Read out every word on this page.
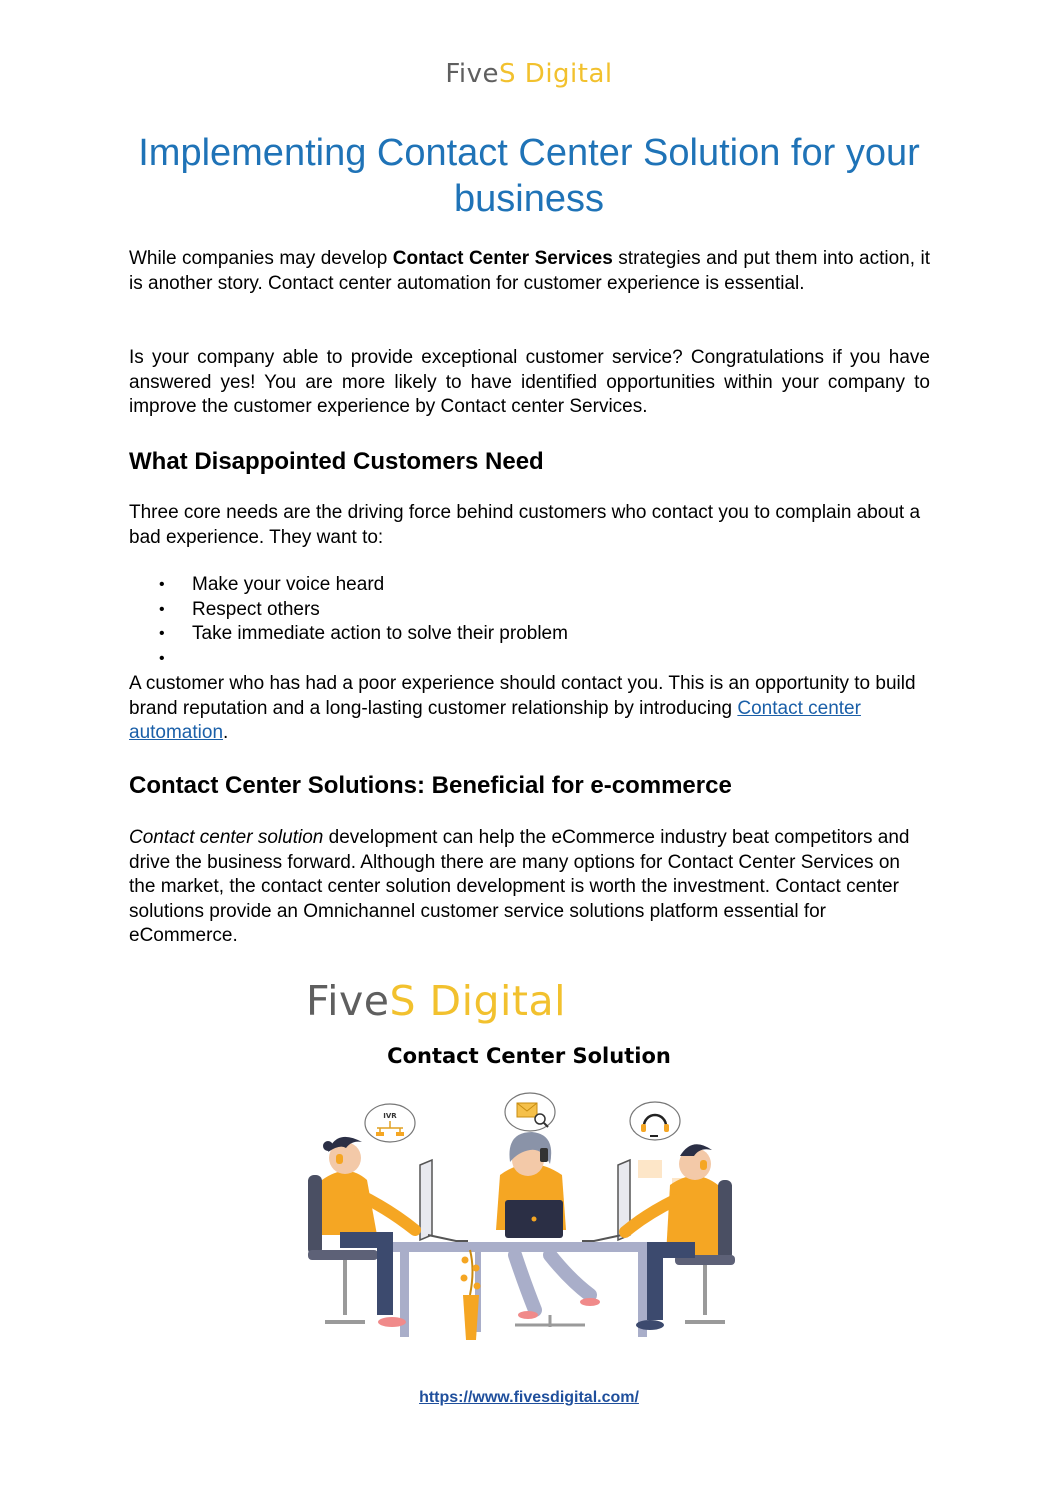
FiveS Digital
Implementing Contact Center Solution for your business

While companies may develop Contact Center Services strategies and put them into action, it is another story. Contact center automation for customer experience is essential.

Is your company able to provide exceptional customer service? Congratulations if you have answered yes! You are more likely to have identified opportunities within your company to improve the customer experience by Contact center Services.

What Disappointed Customers Need

Three core needs are the driving force behind customers who contact you to complain about a bad experience. They want to:

• Make your voice heard
• Respect others
• Take immediate action to solve their problem
•

A customer who has had a poor experience should contact you. This is an opportunity to build brand reputation and a long-lasting customer relationship by introducing Contact center automation.

Contact Center Solutions: Beneficial for e-commerce

Contact center solution development can help the eCommerce industry beat competitors and drive the business forward. Although there are many options for Contact Center Services on the market, the contact center solution development is worth the investment. Contact center solutions provide an Omnichannel customer service solutions platform essential for eCommerce.

FiveS Digital
Contact Center Solution
IVR
https://www.fivesdigital.com/
